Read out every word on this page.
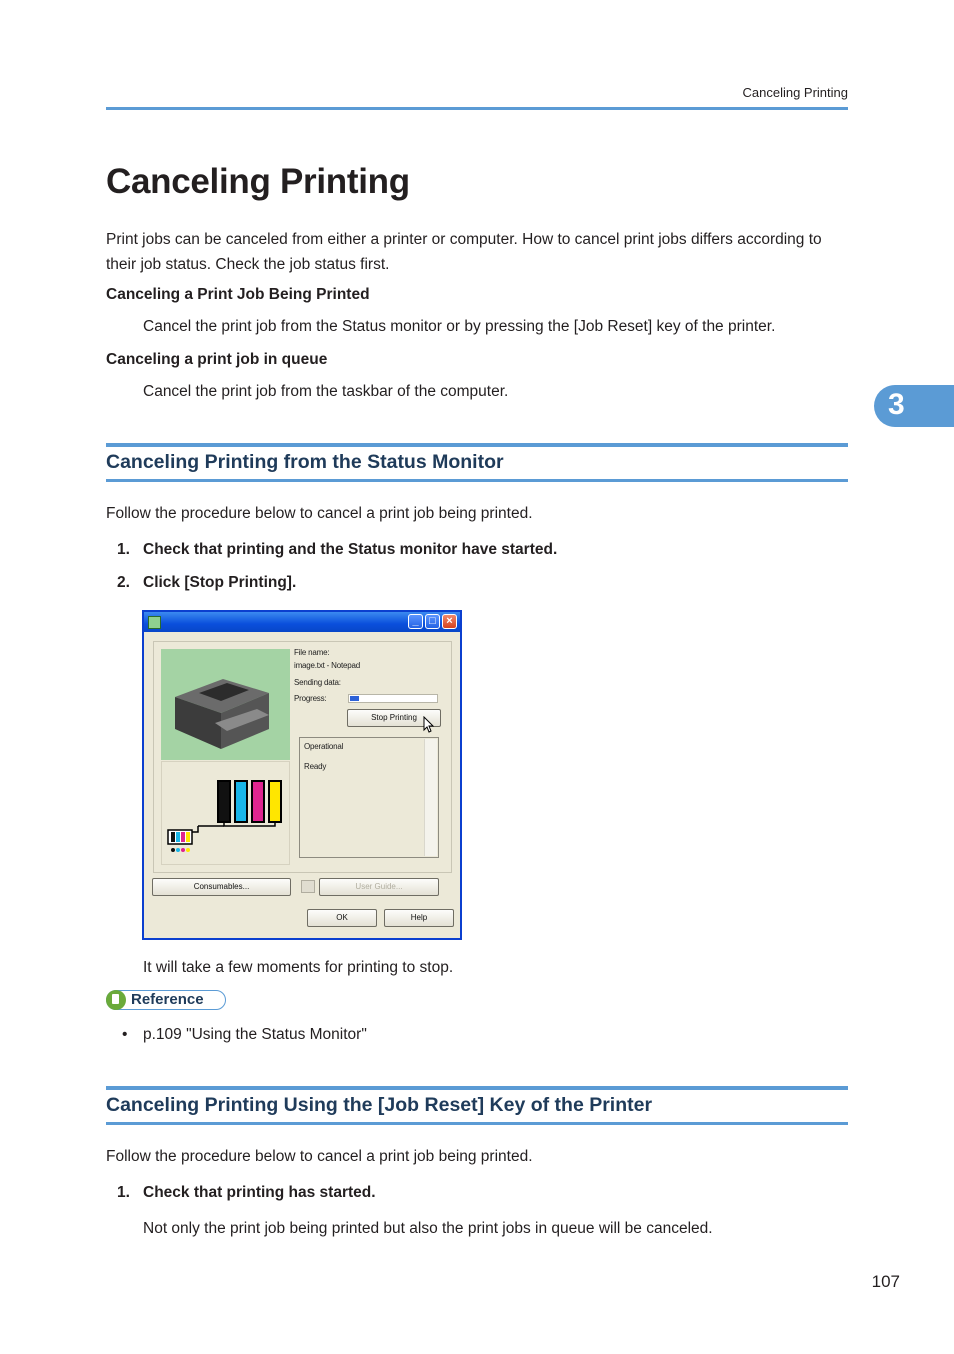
Canceling Printing
Canceling Printing

Print jobs can be canceled from either a printer or computer. How to cancel print jobs differs according to their job status. Check the job status first.

Canceling a Print Job Being Printed
Cancel the print job from the Status monitor or by pressing the [Job Reset] key of the printer.
Canceling a print job in queue
Cancel the print job from the taskbar of the computer.	3
Canceling Printing from the Status Monitor
Follow the procedure below to cancel a print job being printed.
1. Check that printing and the Status monitor have started.
2. Click [Stop Printing].
_ □ ×
File name:
image.txt - Notepad
Sending data:
Progress:
Stop Printing
Operational
Ready
Consumables...	User Guide...
OK	Help
It will take a few moments for printing to stop.
Reference
• p.109 "Using the Status Monitor"
Canceling Printing Using the [Job Reset] Key of the Printer
Follow the procedure below to cancel a print job being printed.
1. Check that printing has started.
Not only the print job being printed but also the print jobs in queue will be canceled.
107
